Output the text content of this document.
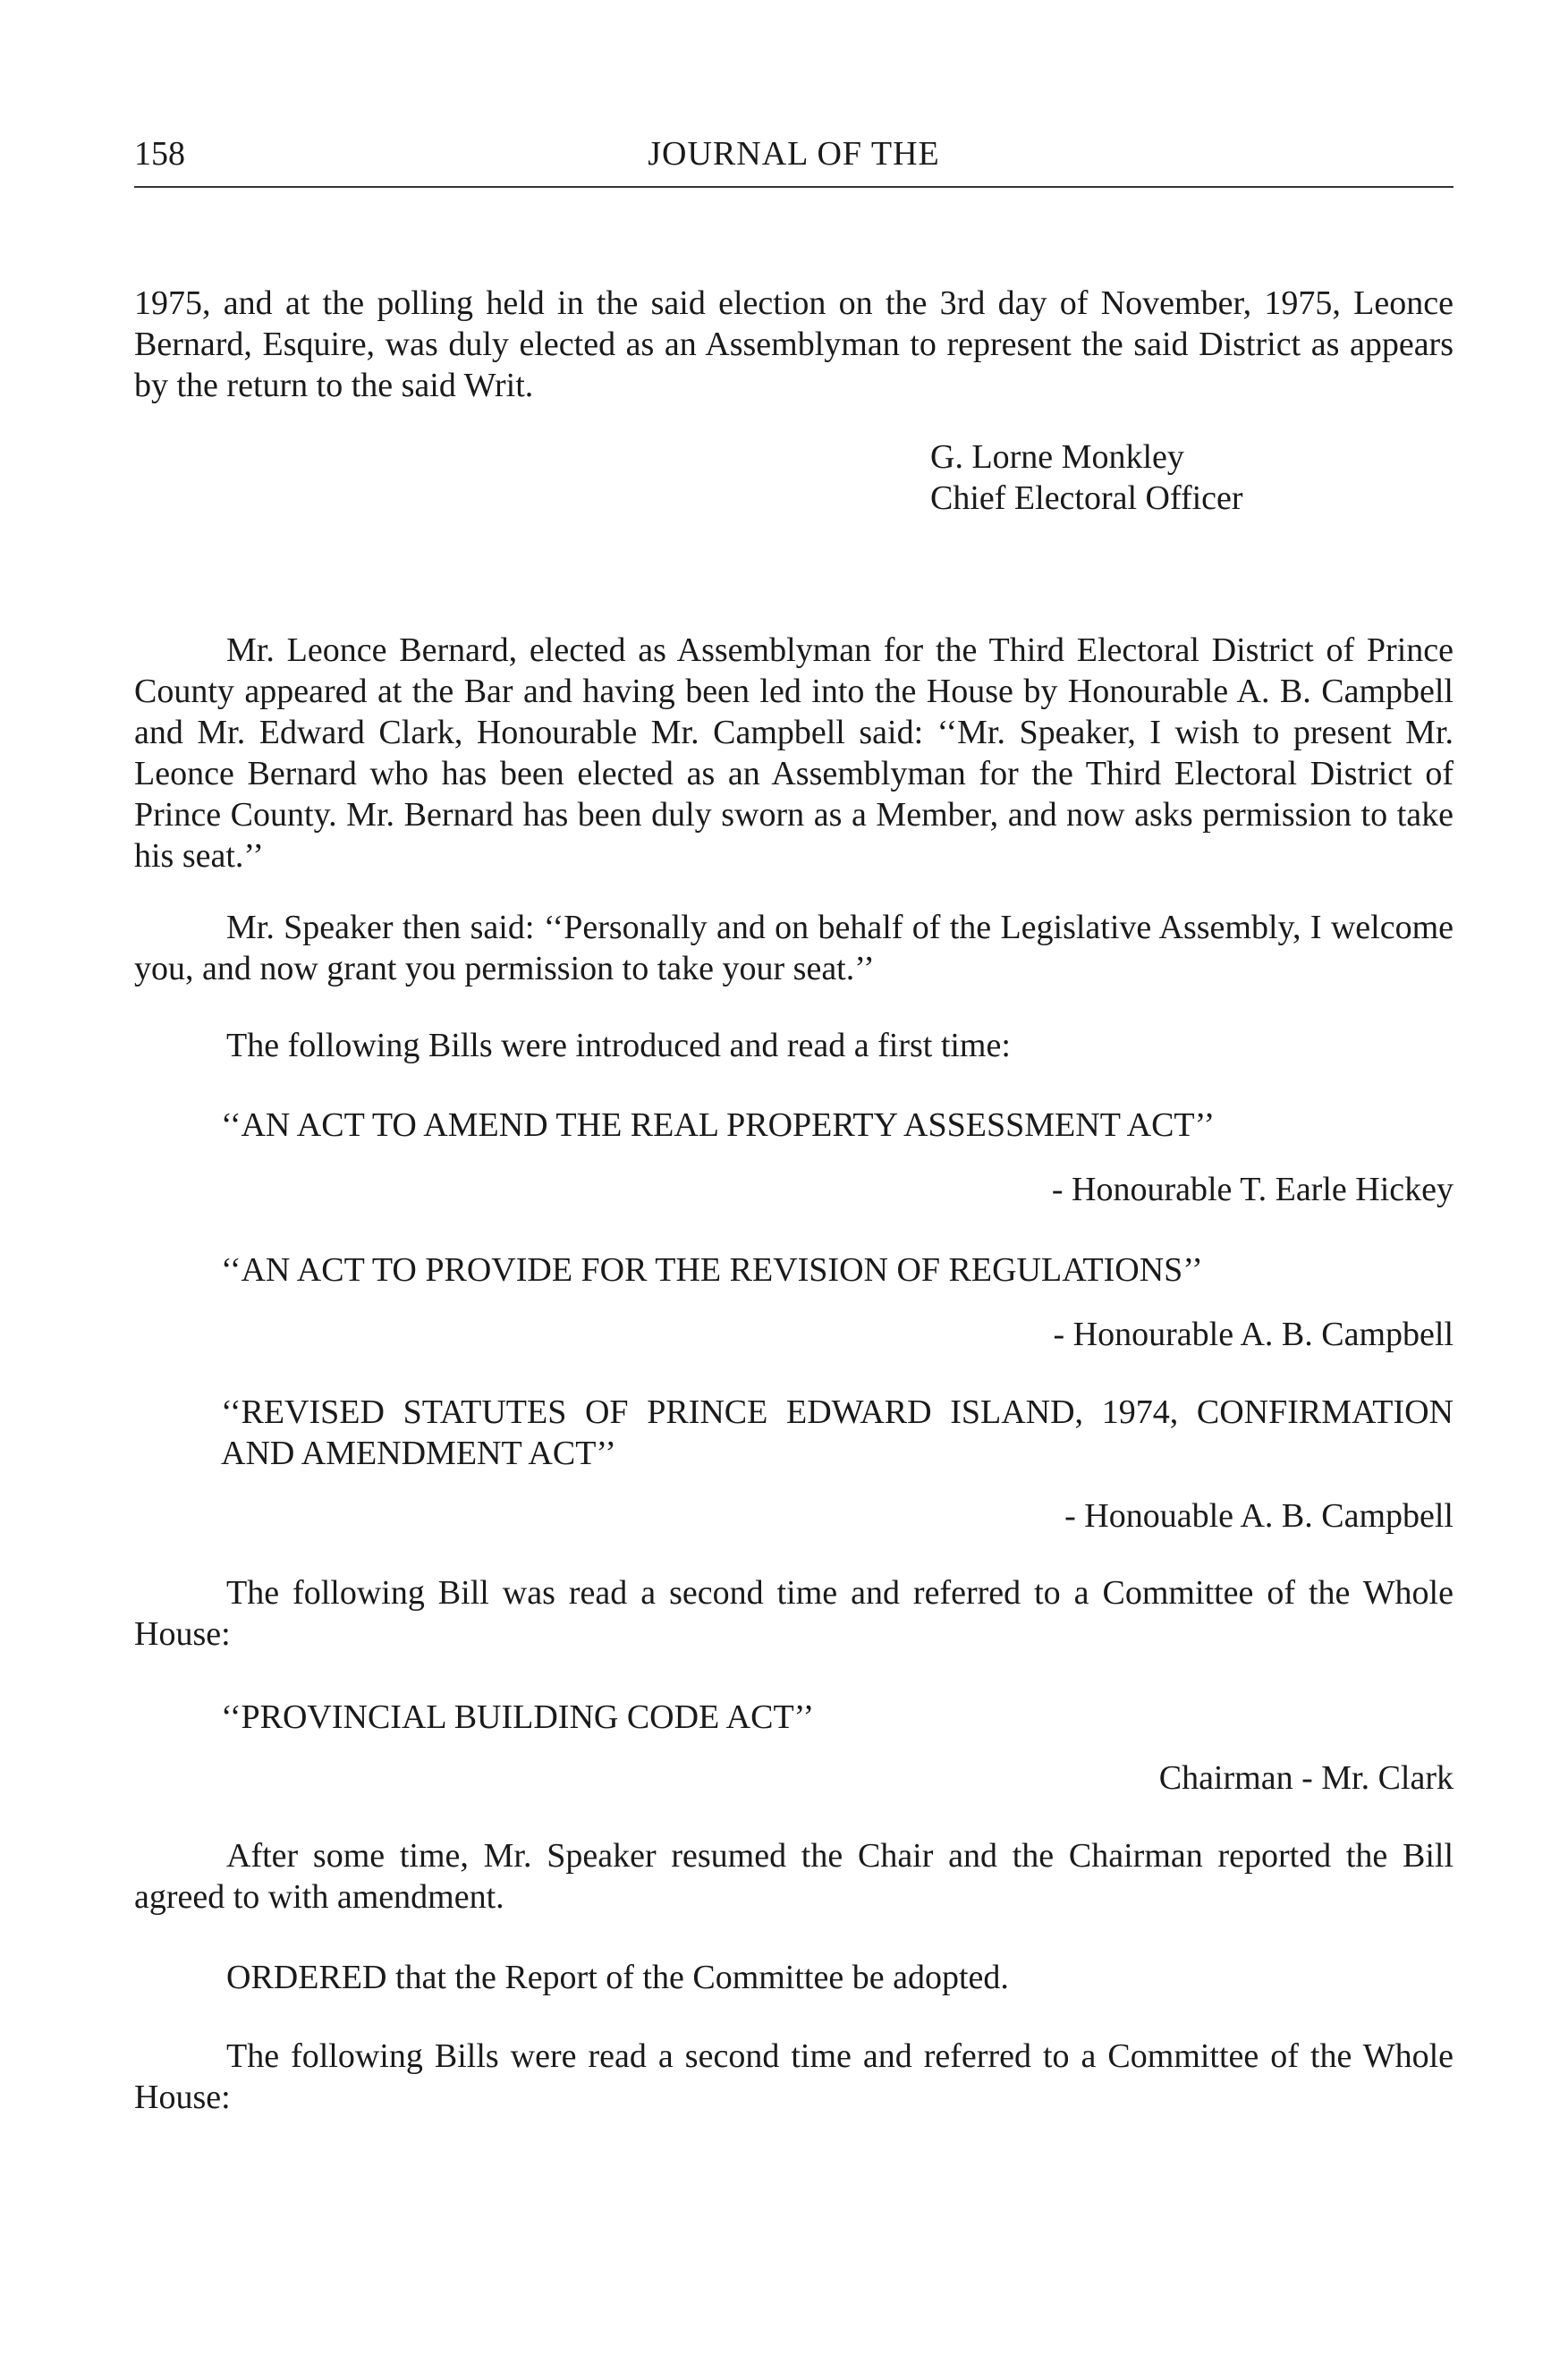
158	JOURNAL OF THE

1975, and at the polling held in the said election on the 3rd day of November, 1975, Leonce Bernard, Esquire, was duly elected as an Assemblyman to represent the said District as appears by the return to the said Writ.

G. Lorne Monkley
Chief Electoral Officer

Mr. Leonce Bernard, elected as Assemblyman for the Third Electoral District of Prince County appeared at the Bar and having been led into the House by Honourable A. B. Campbell and Mr. Edward Clark, Honourable Mr. Campbell said: ‘‘Mr. Speaker, I wish to present Mr. Leonce Bernard who has been elected as an Assemblyman for the Third Electoral District of Prince County. Mr. Bernard has been duly sworn as a Member, and now asks permission to take his seat.’’

Mr. Speaker then said: ‘‘Personally and on behalf of the Legislative Assembly, I welcome you, and now grant you permission to take your seat.’’

The following Bills were introduced and read a first time:

‘‘AN ACT TO AMEND THE REAL PROPERTY ASSESSMENT ACT’’

- Honourable T. Earle Hickey

‘‘AN ACT TO PROVIDE FOR THE REVISION OF REGULATIONS’’

- Honourable A. B. Campbell

‘‘REVISED STATUTES OF PRINCE EDWARD ISLAND, 1974, CONFIRMATION AND AMENDMENT ACT’’

- Honouable A. B. Campbell

The following Bill was read a second time and referred to a Committee of the Whole House:

‘‘PROVINCIAL BUILDING CODE ACT’’

Chairman - Mr. Clark

After some time, Mr. Speaker resumed the Chair and the Chairman reported the Bill agreed to with amendment.

ORDERED that the Report of the Committee be adopted.

The following Bills were read a second time and referred to a Committee of the Whole House:
